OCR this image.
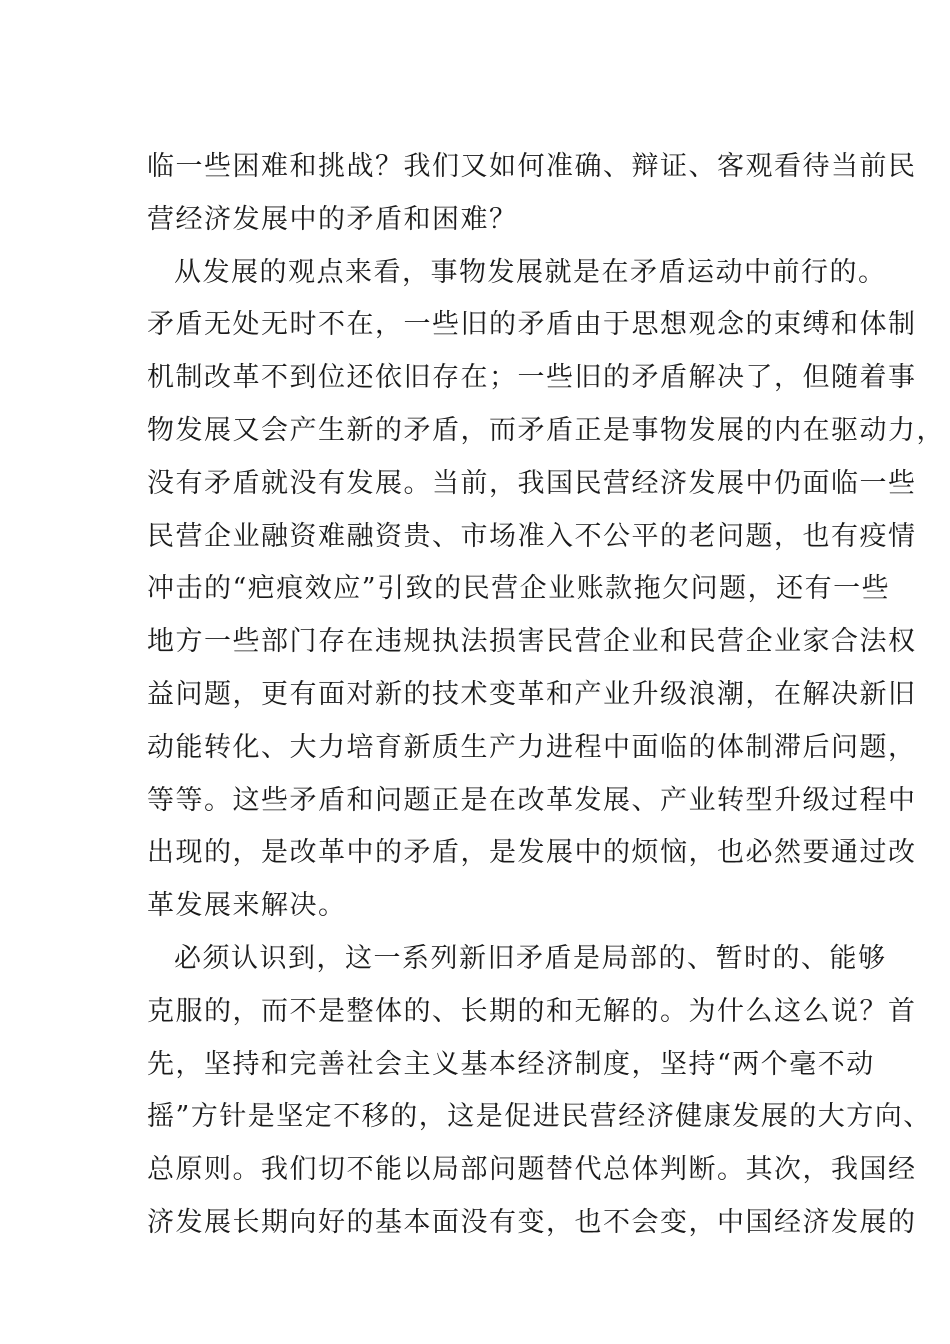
临一些困难和挑战？我们又如何准确、辩证、客观看待当前民
营经济发展中的矛盾和困难？
从发展的观点来看，事物发展就是在矛盾运动中前行的。
矛盾无处无时不在，一些旧的矛盾由于思想观念的束缚和体制
机制改革不到位还依旧存在；一些旧的矛盾解决了，但随着事
物发展又会产生新的矛盾，而矛盾正是事物发展的内在驱动力，
没有矛盾就没有发展。当前，我国民营经济发展中仍面临一些
民营企业融资难融资贵、市场准入不公平的老问题，也有疫情
冲击的“疤痕效应”引致的民营企业账款拖欠问题，还有一些
地方一些部门存在违规执法损害民营企业和民营企业家合法权
益问题，更有面对新的技术变革和产业升级浪潮，在解决新旧
动能转化、大力培育新质生产力进程中面临的体制滞后问题，
等等。这些矛盾和问题正是在改革发展、产业转型升级过程中
出现的，是改革中的矛盾，是发展中的烦恼，也必然要通过改
革发展来解决。
必须认识到，这一系列新旧矛盾是局部的、暂时的、能够
克服的，而不是整体的、长期的和无解的。为什么这么说？首
先，坚持和完善社会主义基本经济制度，坚持“两个毫不动
摇”方针是坚定不移的，这是促进民营经济健康发展的大方向、
总原则。我们切不能以局部问题替代总体判断。其次，我国经
济发展长期向好的基本面没有变，也不会变，中国经济发展的
